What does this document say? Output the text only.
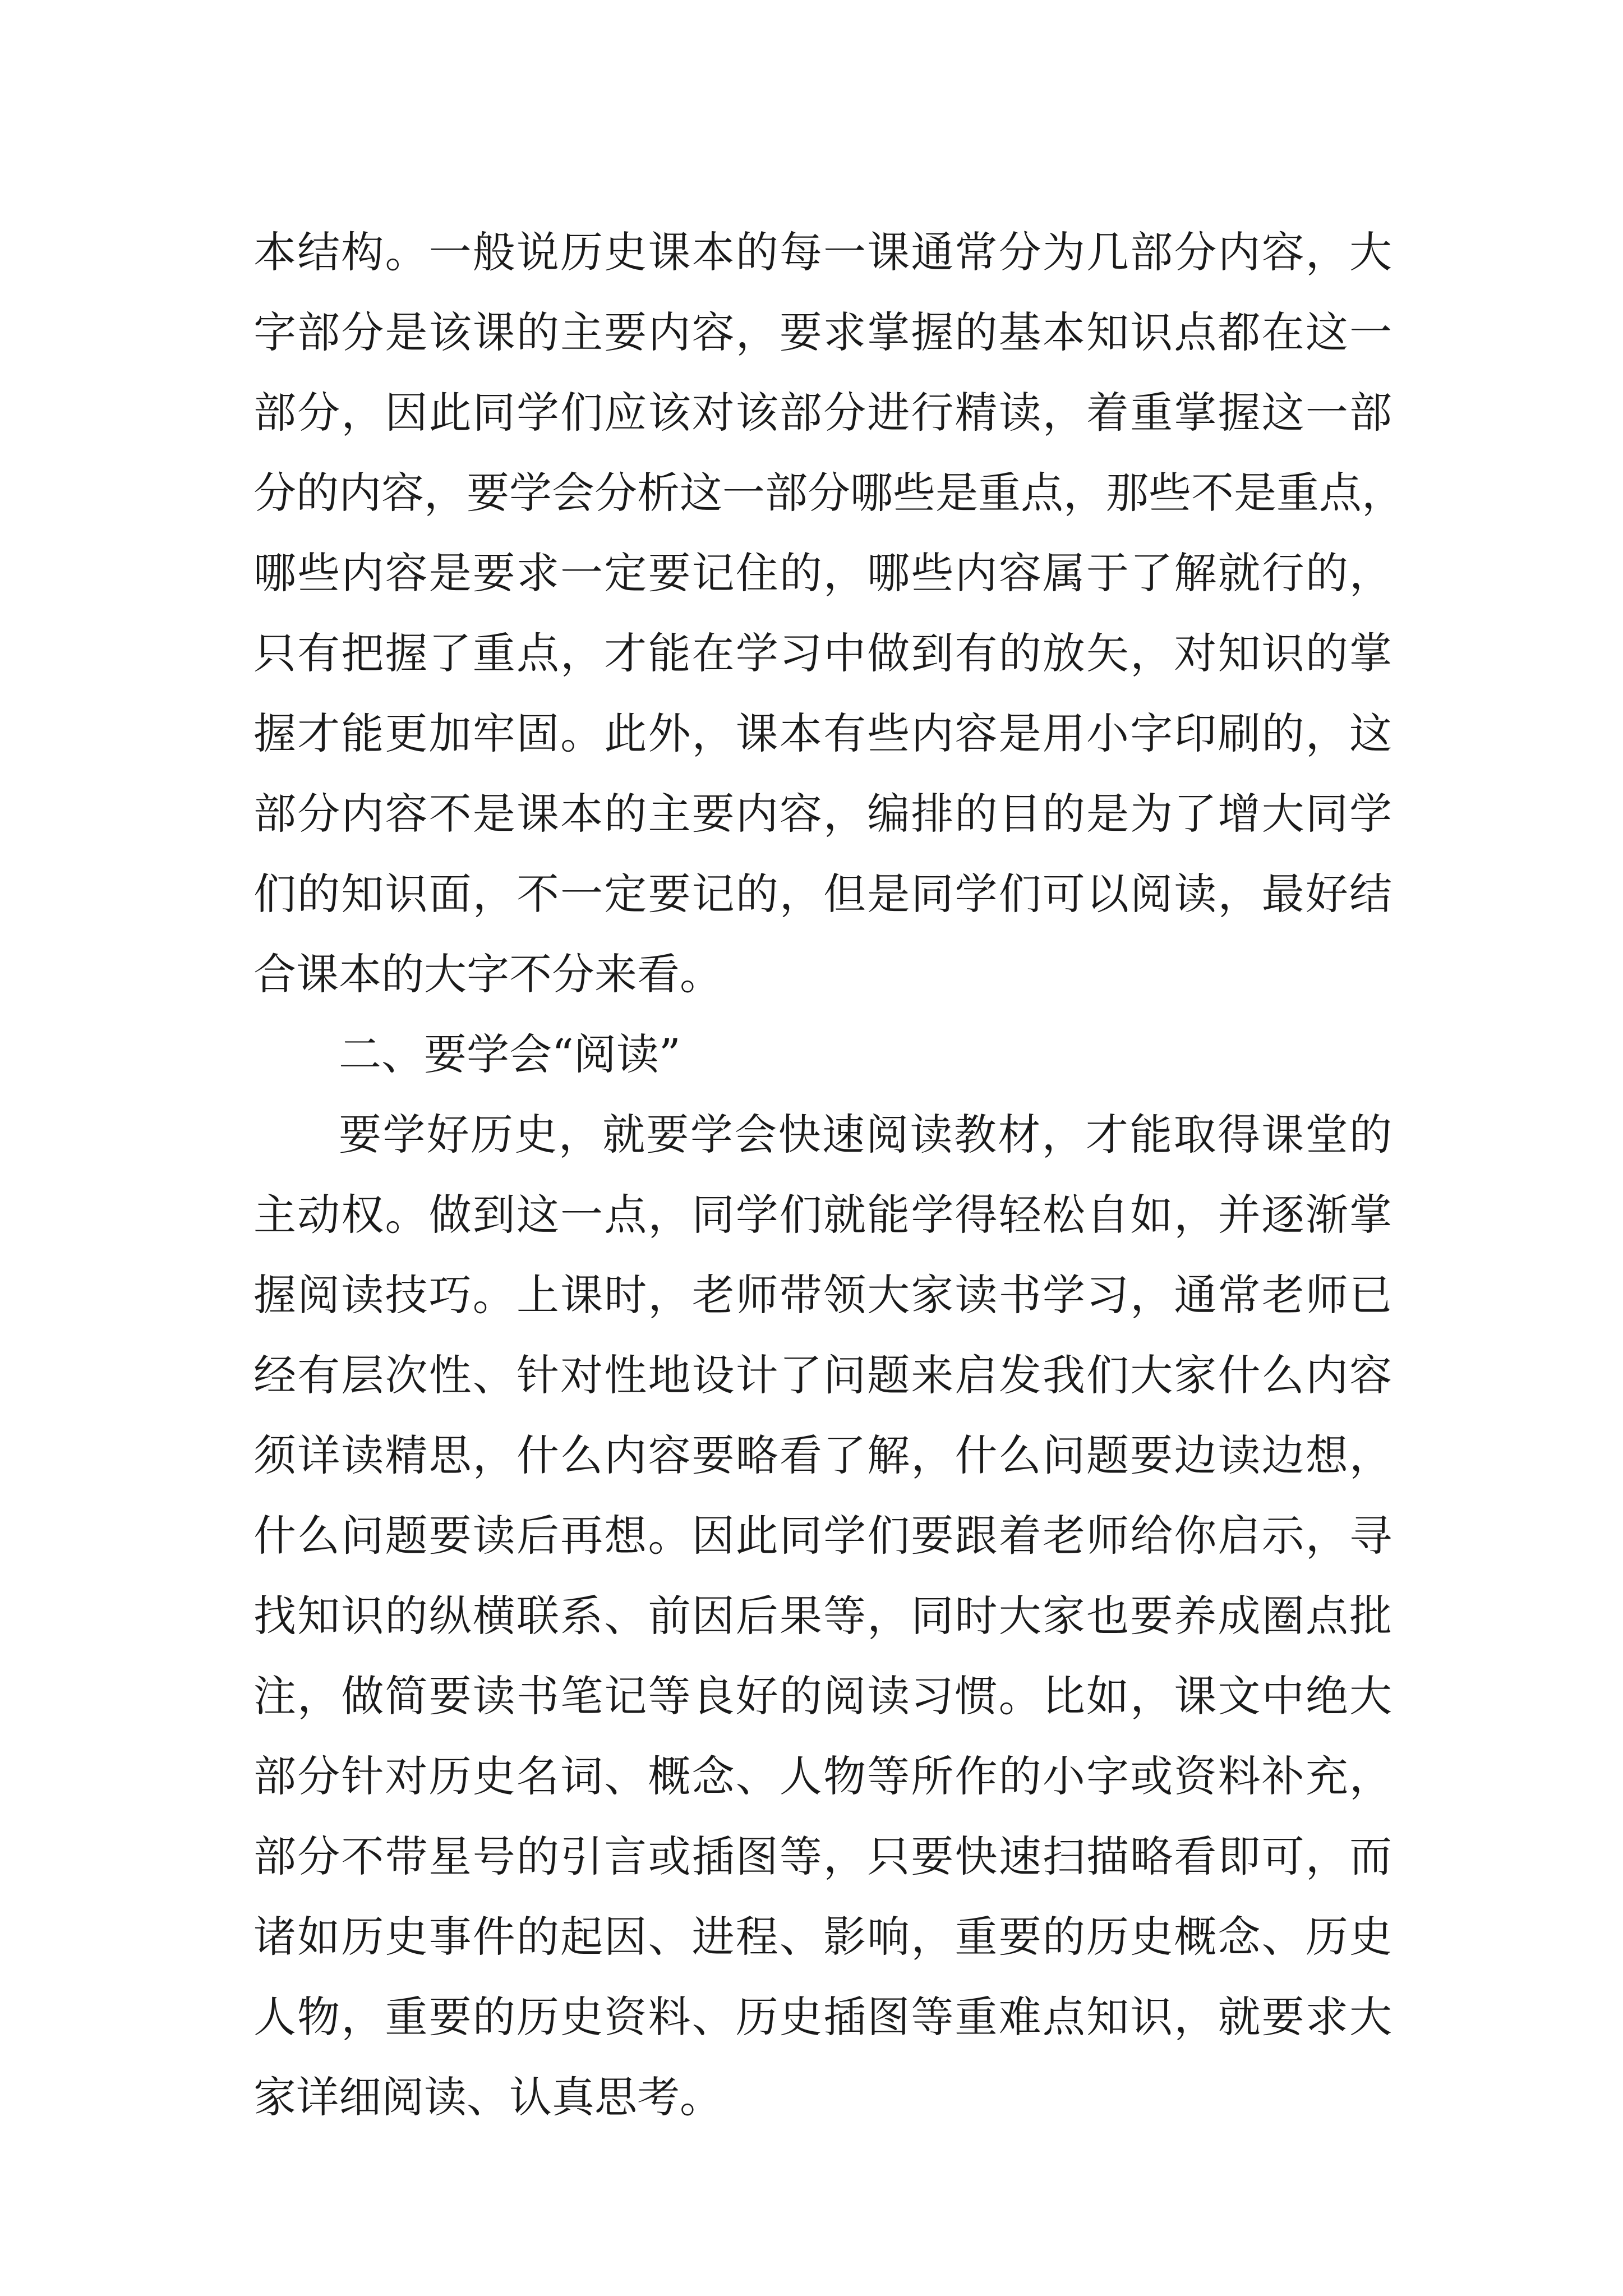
本结构。一般说历史课本的每一课通常分为几部分内容，大
字部分是该课的主要内容，要求掌握的基本知识点都在这一
部分，因此同学们应该对该部分进行精读，着重掌握这一部
分的内容，要学会分析这一部分哪些是重点，那些不是重点，
哪些内容是要求一定要记住的，哪些内容属于了解就行的，
只有把握了重点，才能在学习中做到有的放矢，对知识的掌
握才能更加牢固。此外，课本有些内容是用小字印刷的，这
部分内容不是课本的主要内容，编排的目的是为了增大同学
们的知识面，不一定要记的，但是同学们可以阅读，最好结
合课本的大字不分来看。
二、要学会“阅读”
要学好历史，就要学会快速阅读教材，才能取得课堂的
主动权。做到这一点，同学们就能学得轻松自如，并逐渐掌
握阅读技巧。上课时，老师带领大家读书学习，通常老师已
经有层次性、针对性地设计了问题来启发我们大家什么内容
须详读精思，什么内容要略看了解，什么问题要边读边想，
什么问题要读后再想。因此同学们要跟着老师给你启示，寻
找知识的纵横联系、前因后果等，同时大家也要养成圈点批
注，做简要读书笔记等良好的阅读习惯。比如，课文中绝大
部分针对历史名词、概念、人物等所作的小字或资料补充，
部分不带星号的引言或插图等，只要快速扫描略看即可，而
诸如历史事件的起因、进程、影响，重要的历史概念、历史
人物，重要的历史资料、历史插图等重难点知识，就要求大
家详细阅读、认真思考。
